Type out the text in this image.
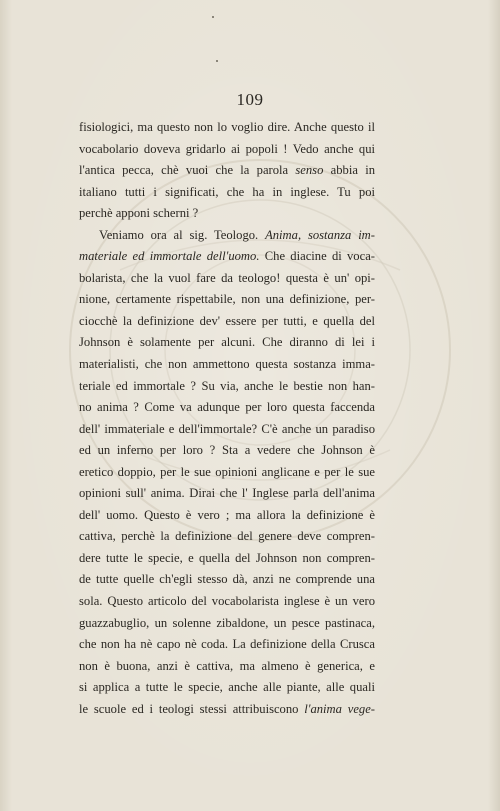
109
fisiologici, ma questo non lo voglio dire. Anche questo il
vocabolario doveva gridarlo ai popoli ! Vedo anche qui
l'antica pecca, chè vuoi che la parola senso abbia in
italiano tutti i significati, che ha in inglese. Tu poi
perchè apponi scherni ?
Veniamo ora al sig. Teologo. Anima, sostanza im-
materiale ed immortale dell'uomo. Che diacine di voca-
bolarista, che la vuol fare da teologo! questa è un' opi-
nione, certamente rispettabile, non una definizione, per-
ciocchè la definizione dev' essere per tutti, e quella del
Johnson è solamente per alcuni. Che diranno di lei i
materialisti, che non ammettono questa sostanza imma-
teriale ed immortale ? Su via, anche le bestie non han-
no anima ? Come va adunque per loro questa faccenda
dell' immateriale e dell'immortale? C'è anche un paradiso
ed un inferno per loro ? Sta a vedere che Johnson è
eretico doppio, per le sue opinioni anglicane e per le sue
opinioni sull' anima. Dirai che l' Inglese parla dell'anima
dell' uomo. Questo è vero ; ma allora la definizione è
cattiva, perchè la definizione del genere deve compren-
dere tutte le specie, e quella del Johnson non compren-
de tutte quelle ch'egli stesso dà, anzi ne comprende una
sola. Questo articolo del vocabolarista inglese è un vero
guazzabuglio, un solenne zibaldone, un pesce pastinaca,
che non ha nè capo nè coda. La definizione della Crusca
non è buona, anzi è cattiva, ma almeno è generica, e
si applica a tutte le specie, anche alle piante, alle quali
le scuole ed i teologi stessi attribuiscono l'anima vege-
